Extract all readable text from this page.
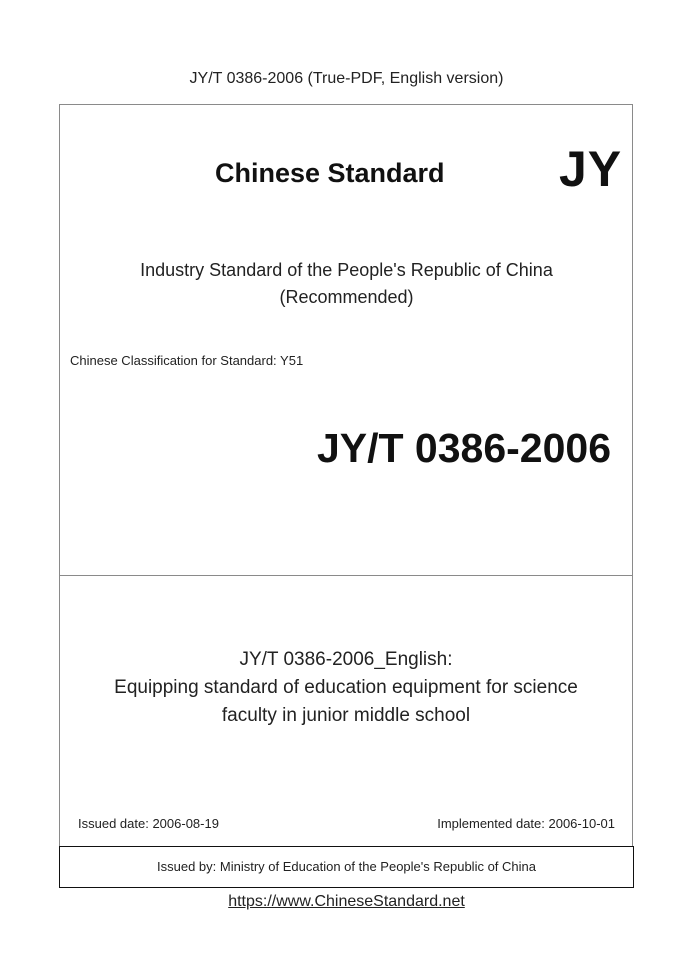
JY/T 0386-2006 (True-PDF, English version)
Chinese Standard JY
Industry Standard of the People's Republic of China
(Recommended)
Chinese Classification for Standard: Y51
JY/T 0386-2006
JY/T 0386-2006_English:
Equipping standard of education equipment for science
faculty in junior middle school
Issued date: 2006-08-19	Implemented date: 2006-10-01
Issued by: Ministry of Education of the People's Republic of China
https://www.ChineseStandard.net
